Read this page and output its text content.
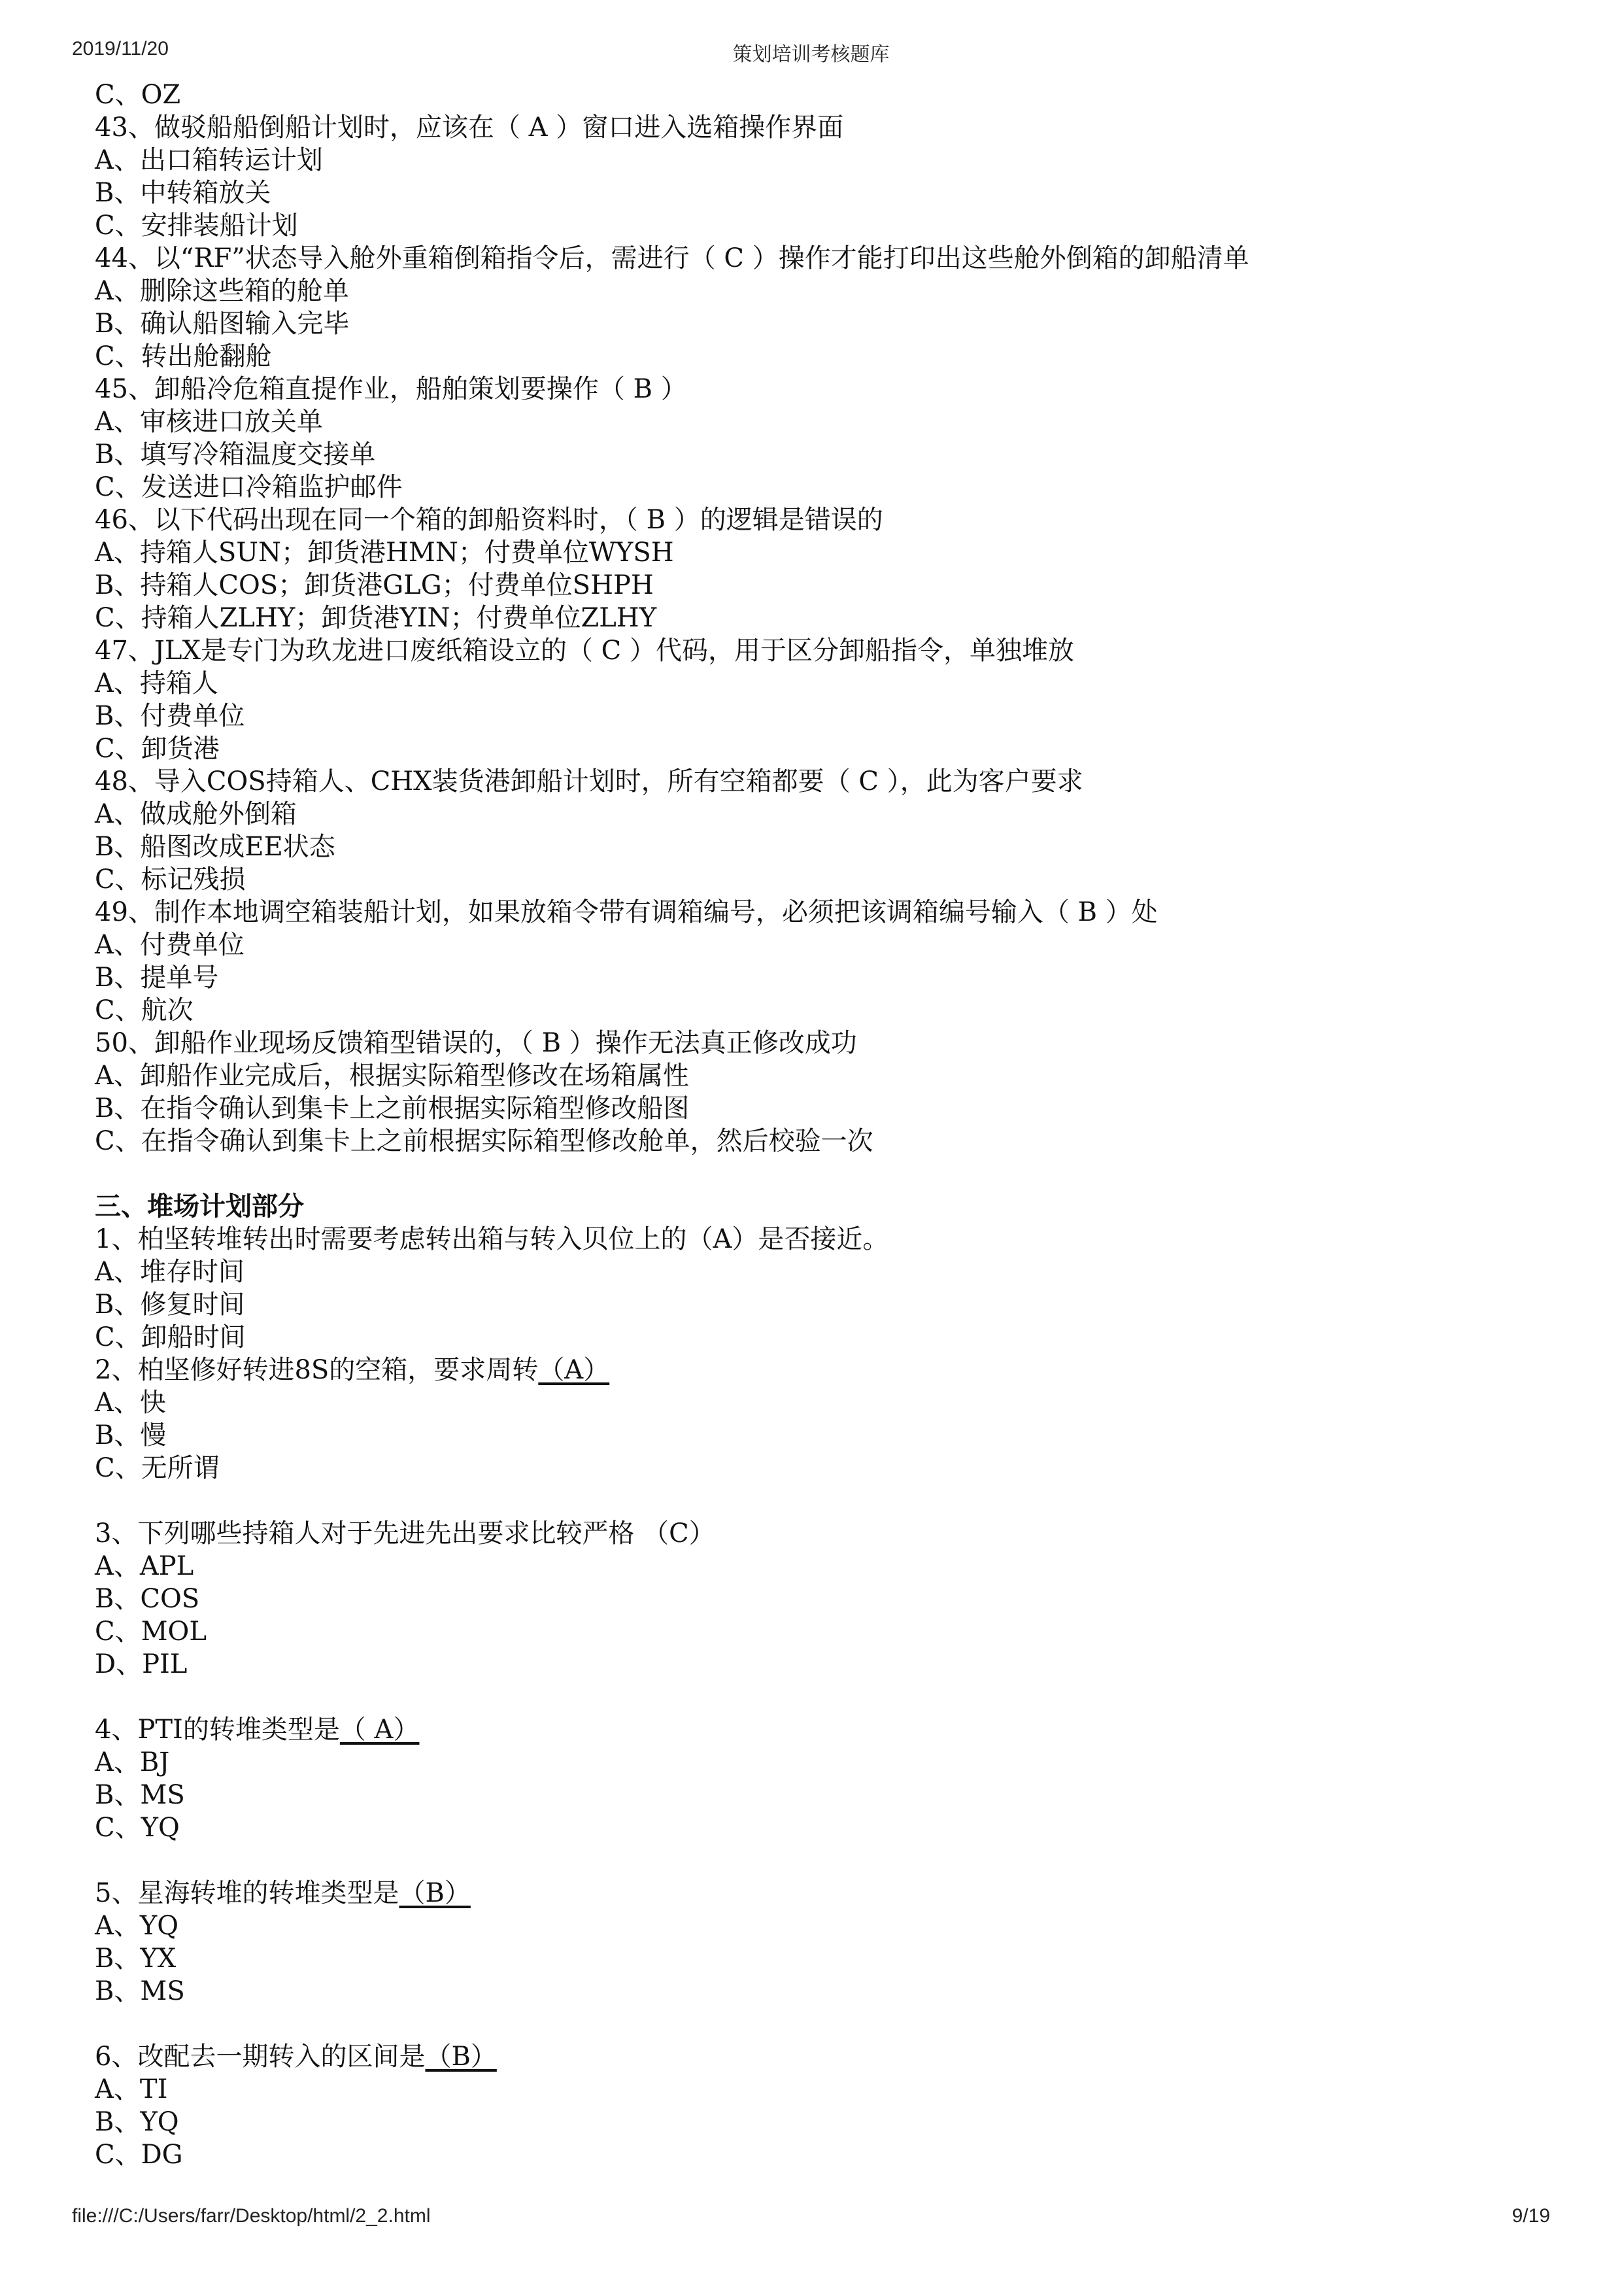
2019/11/20	策划培训考核题库
C、OZ
43、做驳船船倒船计划时，应该在（ A ）窗口进入选箱操作界面
A、出口箱转运计划
B、中转箱放关
C、安排装船计划
44、以“RF”状态导入舱外重箱倒箱指令后，需进行（ C ）操作才能打印出这些舱外倒箱的卸船清单
A、删除这些箱的舱单
B、确认船图输入完毕
C、转出舱翻舱
45、卸船冷危箱直提作业，船舶策划要操作（ B ）
A、审核进口放关单
B、填写冷箱温度交接单
C、发送进口冷箱监护邮件
46、以下代码出现在同一个箱的卸船资料时，（ B ）的逻辑是错误的
A、持箱人SUN；卸货港HMN；付费单位WYSH
B、持箱人COS；卸货港GLG；付费单位SHPH
C、持箱人ZLHY；卸货港YIN；付费单位ZLHY
47、JLX是专门为玖龙进口废纸箱设立的（ C ）代码，用于区分卸船指令，单独堆放
A、持箱人
B、付费单位
C、卸货港
48、导入COS持箱人、CHX装货港卸船计划时，所有空箱都要（ C ），此为客户要求
A、做成舱外倒箱
B、船图改成EE状态
C、标记残损
49、制作本地调空箱装船计划，如果放箱令带有调箱编号，必须把该调箱编号输入（ B ）处
A、付费单位
B、提单号
C、航次
50、卸船作业现场反馈箱型错误的，（ B ）操作无法真正修改成功
A、卸船作业完成后，根据实际箱型修改在场箱属性
B、在指令确认到集卡上之前根据实际箱型修改船图
C、在指令确认到集卡上之前根据实际箱型修改舱单，然后校验一次
三、堆场计划部分
1、柏坚转堆转出时需要考虑转出箱与转入贝位上的（A）是否接近。
A、堆存时间
B、修复时间
C、卸船时间
2、柏坚修好转进8S的空箱，要求周转（A）
A、快
B、慢
C、无所谓
3、下列哪些持箱人对于先进先出要求比较严格 （C）
A、APL
B、COS
C、MOL
D、PIL
4、PTI的转堆类型是（ A）
A、BJ
B、MS
C、YQ
5、星海转堆的转堆类型是（B）
A、YQ
B、YX
B、MS
6、改配去一期转入的区间是（B）
A、TI
B、YQ
C、DG
file:///C:/Users/farr/Desktop/html/2_2.html	9/19
